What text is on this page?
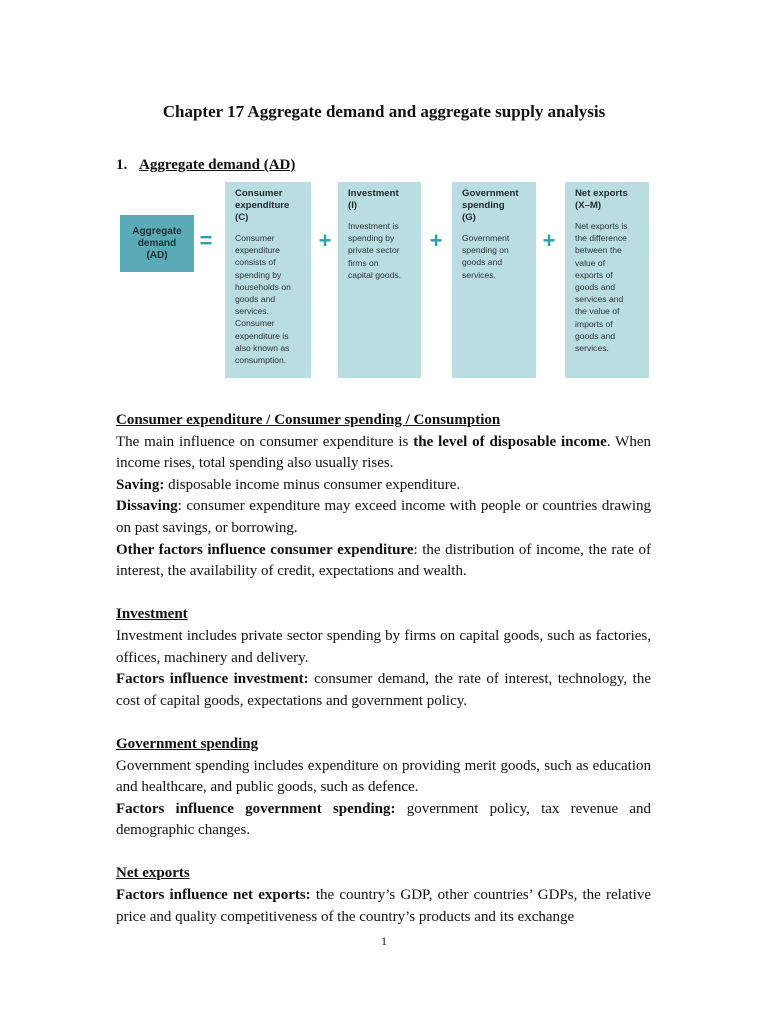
Chapter 17 Aggregate demand and aggregate supply analysis
1. Aggregate demand (AD)
Aggregate
demand
(AD)
=
Consumer
expenditure
(C)
Consumer
expenditure
consists of
spending by
households on
goods and
services.
Consumer
expenditure is
also known as
consumption.
+
Investment
(I)
Investment is
spending by
private sector
firms on
capital goods.
+
Government
spending
(G)
Government
spending on
goods and
services.
+
Net exports
(X–M)
Net exports is
the difference
between the
value of
exports of
goods and
services and
the value of
imports of
goods and
services.

Consumer expenditure / Consumer spending / Consumption

The main influence on consumer expenditure is the level of disposable income. When income rises, total spending also usually rises.

Saving: disposable income minus consumer expenditure.

Dissaving: consumer expenditure may exceed income with people or countries drawing on past savings, or borrowing.

Other factors influence consumer expenditure: the distribution of income, the rate of interest, the availability of credit, expectations and wealth.

Investment

Investment includes private sector spending by firms on capital goods, such as factories, offices, machinery and delivery.

Factors influence investment: consumer demand, the rate of interest, technology, the cost of capital goods, expectations and government policy.

Government spending

Government spending includes expenditure on providing merit goods, such as education and healthcare, and public goods, such as defence.

Factors influence government spending: government policy, tax revenue and demographic changes.

Net exports

Factors influence net exports: the country’s GDP, other countries’ GDPs, the relative price and quality competitiveness of the country’s products and its exchange

1
